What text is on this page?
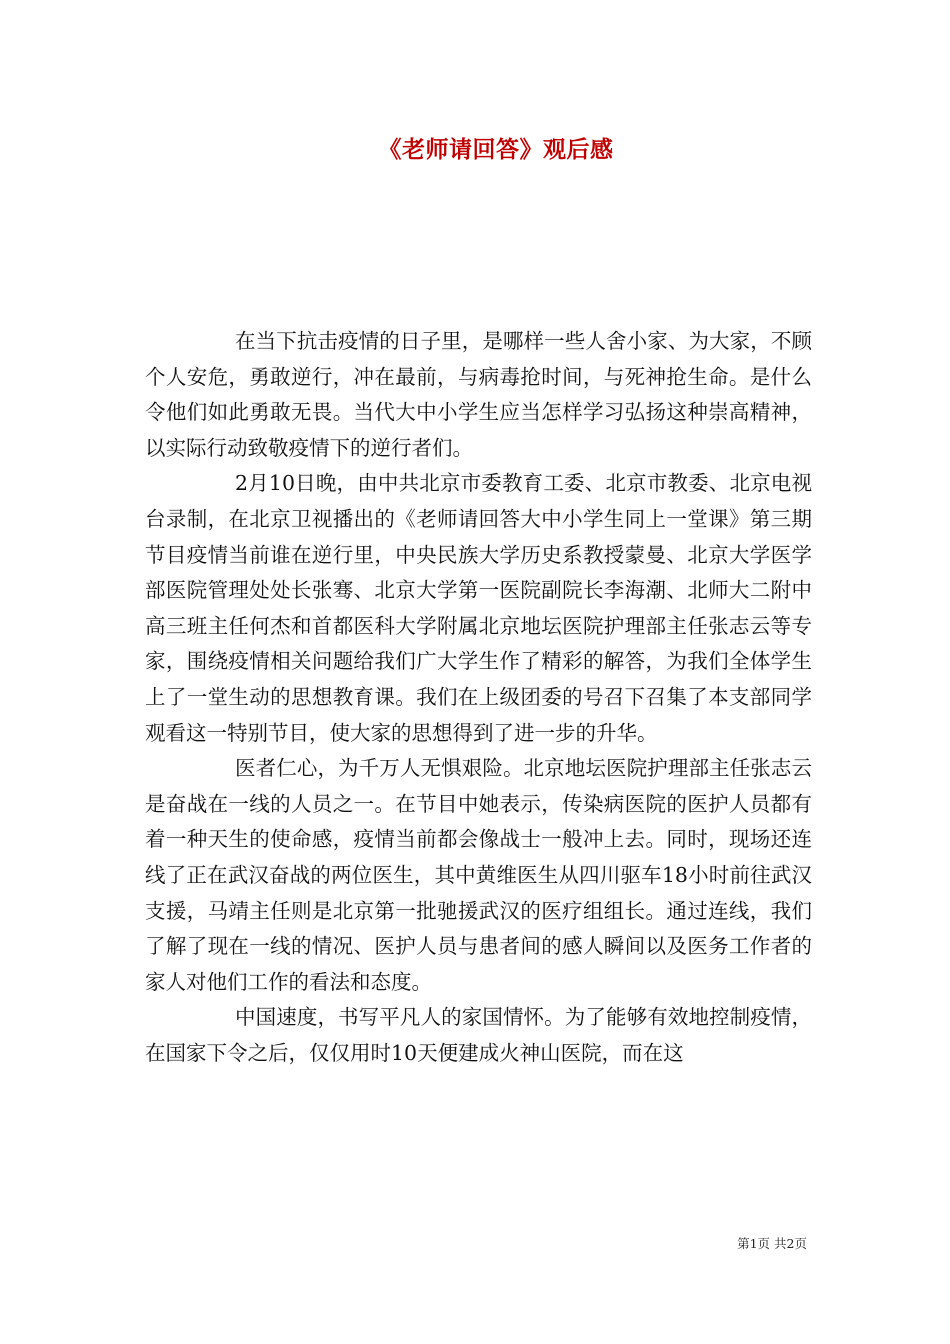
《老师请回答》观后感

在当下抗击疫情的日子里，是哪样一些人舍小家、为大家，不顾个人安危，勇敢逆行，冲在最前，与病毒抢时间，与死神抢生命。是什么令他们如此勇敢无畏。当代大中小学生应当怎样学习弘扬这种崇高精神，以实际行动致敬疫情下的逆行者们。

2月10日晚，由中共北京市委教育工委、北京市教委、北京电视台录制，在北京卫视播出的《老师请回答大中小学生同上一堂课》第三期节目疫情当前谁在逆行里，中央民族大学历史系教授蒙曼、北京大学医学部医院管理处处长张骞、北京大学第一医院副院长李海潮、北师大二附中高三班主任何杰和首都医科大学附属北京地坛医院护理部主任张志云等专家，围绕疫情相关问题给我们广大学生作了精彩的解答，为我们全体学生上了一堂生动的思想教育课。我们在上级团委的号召下召集了本支部同学观看这一特别节目，使大家的思想得到了进一步的升华。

医者仁心，为千万人无惧艰险。北京地坛医院护理部主任张志云是奋战在一线的人员之一。在节目中她表示，传染病医院的医护人员都有着一种天生的使命感，疫情当前都会像战士一般冲上去。同时，现场还连线了正在武汉奋战的两位医生，其中黄维医生从四川驱车18小时前往武汉支援，马靖主任则是北京第一批驰援武汉的医疗组组长。通过连线，我们了解了现在一线的情况、医护人员与患者间的感人瞬间以及医务工作者的家人对他们工作的看法和态度。

中国速度，书写平凡人的家国情怀。为了能够有效地控制疫情，在国家下令之后，仅仅用时10天便建成火神山医院，而在这

第1页 共2页
